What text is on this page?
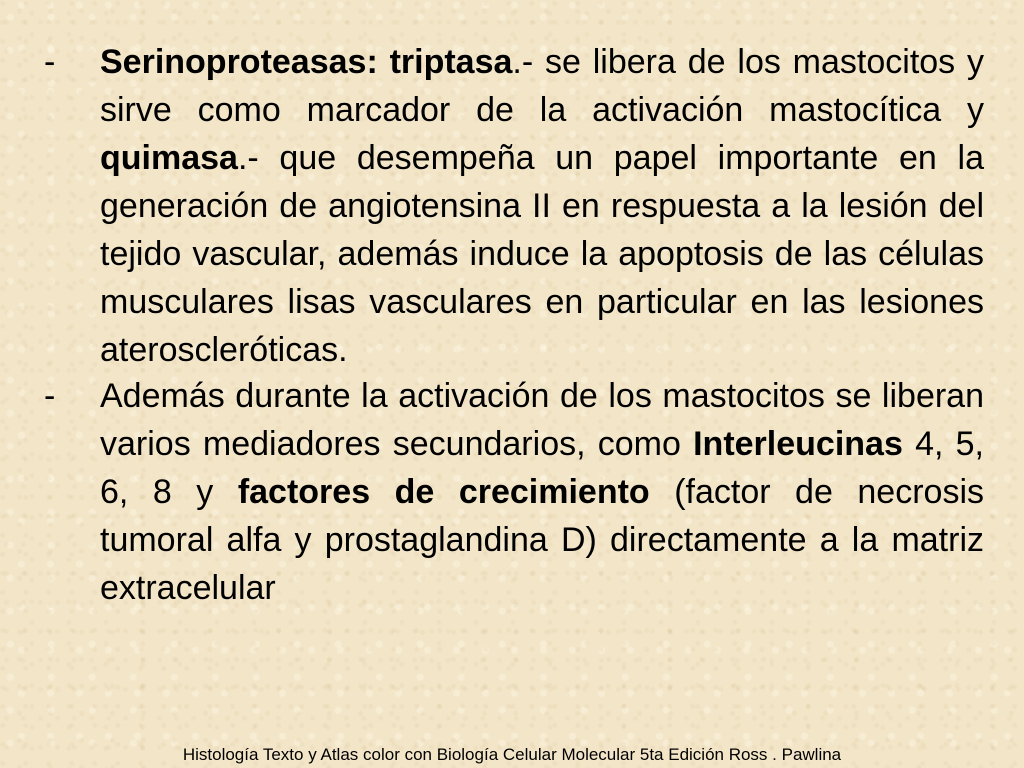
-	Serinoproteasas: triptasa.- se libera de los mastocitos y sirve como marcador de la activación mastocítica y quimasa.- que desempeña un papel importante en la generación de angiotensina II en respuesta a la lesión del tejido vascular, además induce la apoptosis de las células musculares lisas vasculares en particular en las lesiones ateroscleróticas.
-	Además durante la activación de los mastocitos se liberan varios mediadores secundarios, como Interleucinas 4, 5, 6, 8 y factores de crecimiento (factor de necrosis tumoral alfa y prostaglandina D) directamente a la matriz extracelular
Histología Texto y Atlas color con Biología Celular Molecular 5ta Edición Ross . Pawlina
